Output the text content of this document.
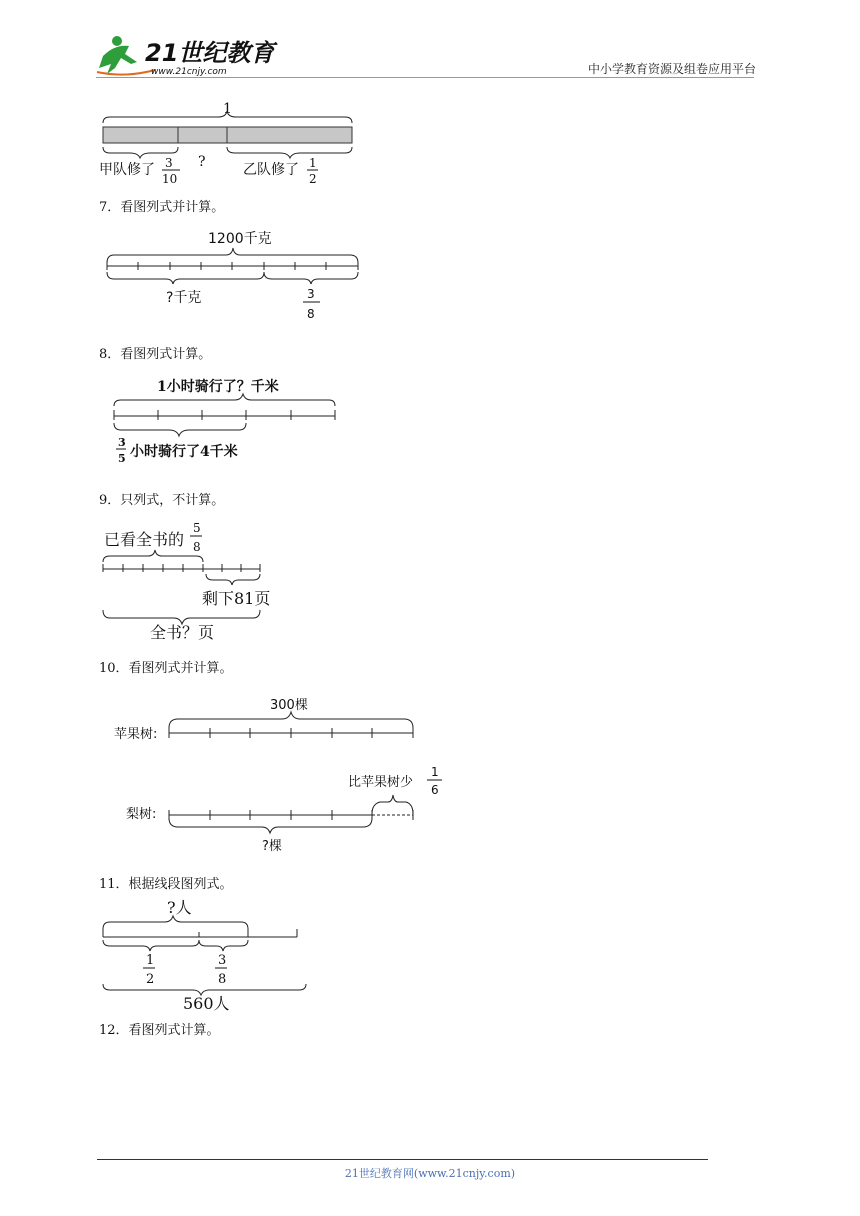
21世纪教育
www.21cnjy.com	中小学教育资源及组卷应用平台
1
甲队修了 3
10
?	乙队修了 1
2
7．看图列式并计算。
1200千克
?千克	3
8
8．看图列式计算。
1小时骑行了？千米
3
5 小时骑行了4千米
9．只列式，不计算。
已看全书的
5
8
剩下81页
全书？页
10．看图列式并计算。
300棵
苹果树:
比苹果树少
1
6
梨树:
?棵
11．根据线段图列式。
?人
1
2
3
8
560人
12．看图列式计算。
21世纪教育网(www.21cnjy.com)
